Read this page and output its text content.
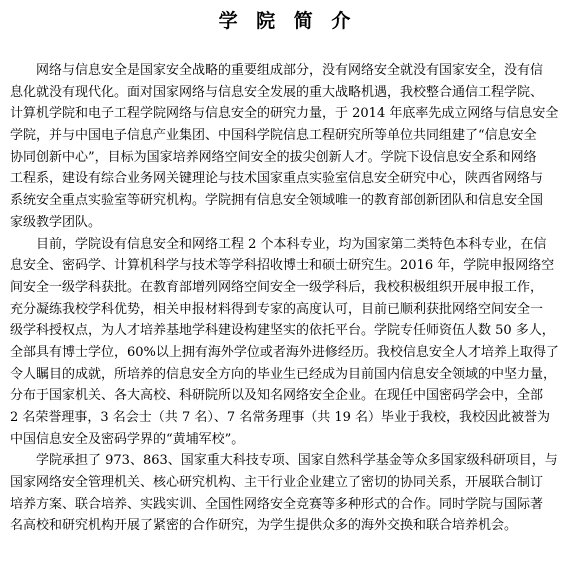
学 院 简 介

网络与信息安全是国家安全战略的重要组成部分，没有网络安全就没有国家安全，没有信
息化就没有现代化。面对国家网络与信息安全发展的重大战略机遇，我校整合通信工程学院、
计算机学院和电子工程学院网络与信息安全的研究力量，于 2014 年底率先成立网络与信息安全
学院，并与中国电子信息产业集团、中国科学院信息工程研究所等单位共同组建了“信息安全
协同创新中心”，目标为国家培养网络空间安全的拔尖创新人才。学院下设信息安全系和网络
工程系，建设有综合业务网关键理论与技术国家重点实验室信息安全研究中心，陕西省网络与
系统安全重点实验室等研究机构。学院拥有信息安全领域唯一的教育部创新团队和信息安全国
家级教学团队。

目前，学院设有信息安全和网络工程 2 个本科专业，均为国家第二类特色本科专业，在信
息安全、密码学、计算机科学与技术等学科招收博士和硕士研究生。2016 年，学院申报网络空
间安全一级学科获批。在教育部增列网络空间安全一级学科后，我校积极组织开展申报工作，
充分凝练我校学科优势，相关申报材料得到专家的高度认可，目前已顺利获批网络空间安全一
级学科授权点，为人才培养基地学科建设构建坚实的依托平台。学院专任师资伍人数 50 多人，
全部具有博士学位，60%以上拥有海外学位或者海外进修经历。我校信息安全人才培养上取得了
令人瞩目的成就，所培养的信息安全方向的毕业生已经成为目前国内信息安全领域的中坚力量，
分布于国家机关、各大高校、科研院所以及知名网络安全企业。在现任中国密码学会中，全部
2 名荣誉理事，3 名会士（共 7 名）、7 名常务理事（共 19 名）毕业于我校，我校因此被誉为
中国信息安全及密码学界的“黄埔军校”。

学院承担了 973、863、国家重大科技专项、国家自然科学基金等众多国家级科研项目，与
国家网络安全管理机关、核心研究机构、主干行业企业建立了密切的协同关系，开展联合制订
培养方案、联合培养、实践实训、全国性网络安全竞赛等多种形式的合作。同时学院与国际著
名高校和研究机构开展了紧密的合作研究，为学生提供众多的海外交换和联合培养机会。
